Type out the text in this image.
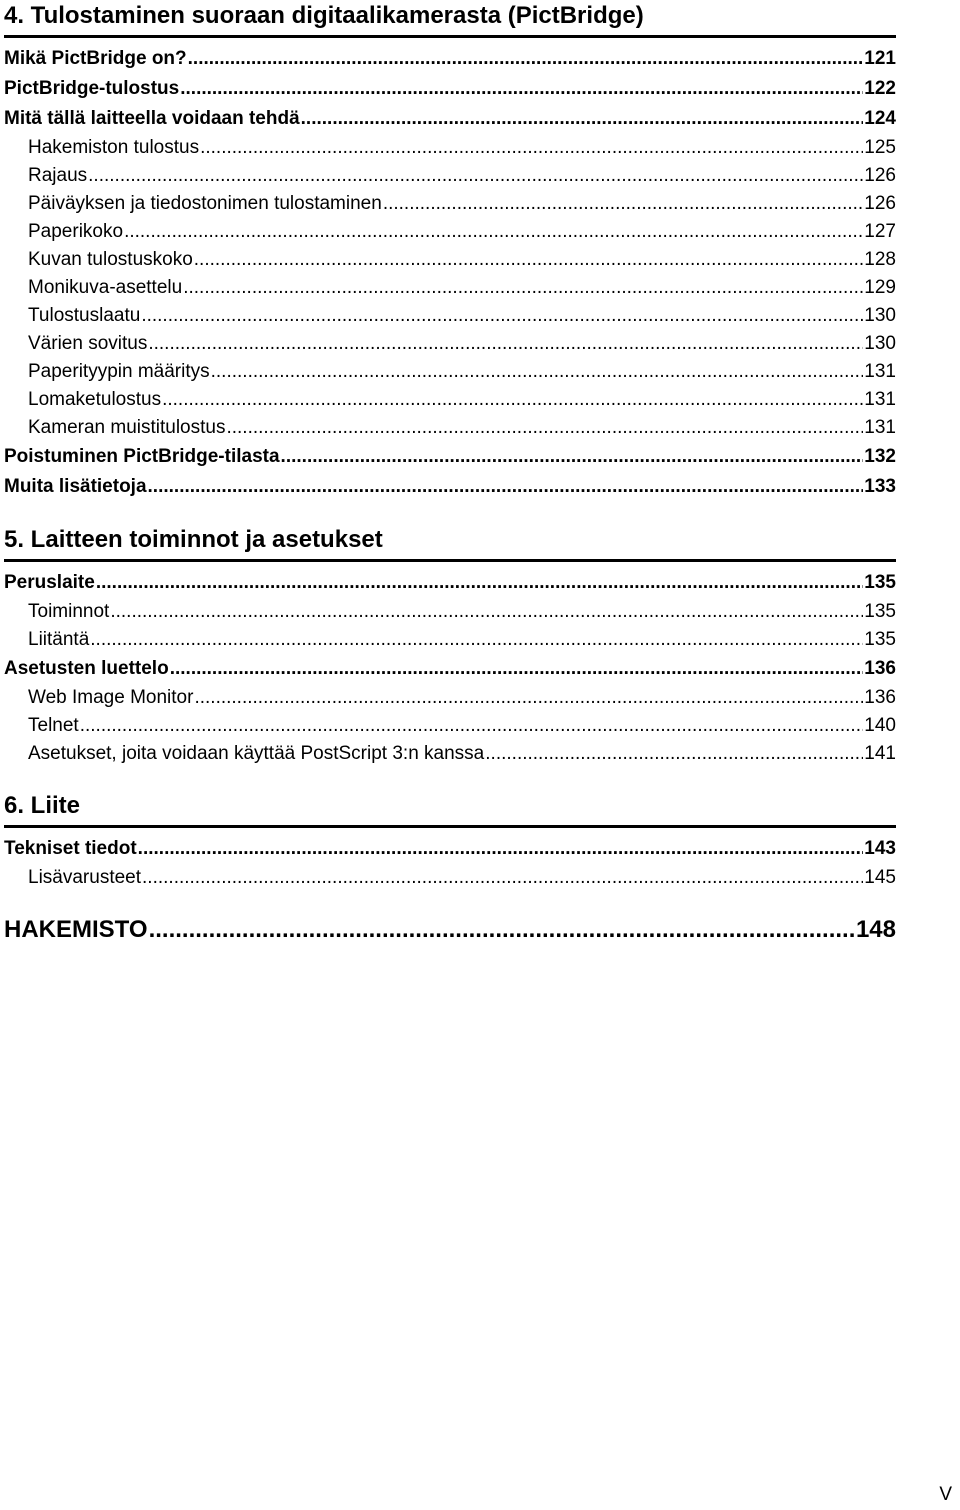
4. Tulostaminen suoraan digitaalikamerasta (PictBridge)
Mikä PictBridge on? .....	121
PictBridge-tulostus .....	122
Mitä tällä laitteella voidaan tehdä .....	124
Hakemiston tulostus .....	125
Rajaus .....	126
Päiväyksen ja tiedostonimen tulostaminen .....	126
Paperikoko .....	127
Kuvan tulostuskoko .....	128
Monikuva-asettelu .....	129
Tulostuslaatu .....	130
Värien sovitus .....	130
Paperityypin määritys .....	131
Lomaketulostus .....	131
Kameran muistitulostus .....	131
Poistuminen PictBridge-tilasta .....	132
Muita lisätietoja .....	133
5. Laitteen toiminnot ja asetukset
Peruslaite .....	135
Toiminnot .....	135
Liitäntä .....	135
Asetusten luettelo .....	136
Web Image Monitor .....	136
Telnet .....	140
Asetukset, joita voidaan käyttää PostScript 3:n kanssa .....	141
6. Liite
Tekniset tiedot .....	143
Lisävarusteet .....	145
HAKEMISTO .....	148
V
